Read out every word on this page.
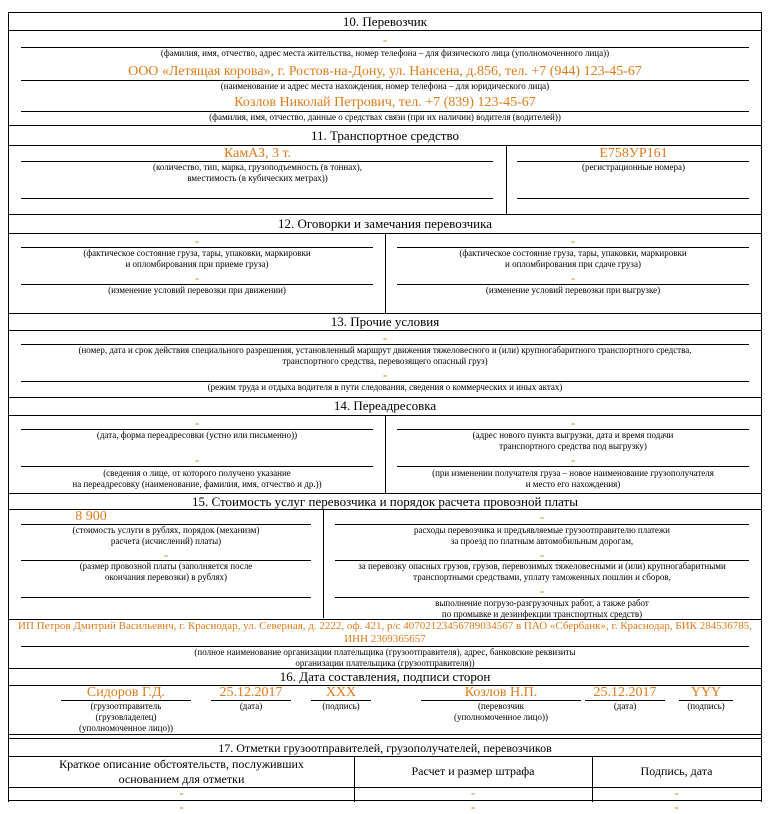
10. Перевозчик
-
(фамилия, имя, отчество, адрес места жительства, номер телефона – для физического лица (уполномоченного лица))
ООО «Летящая корова», г. Ростов-на-Дону, ул. Нансена, д.856, тел. +7 (944) 123-45-67
(наименование и адрес места нахождения, номер телефона – для юридического лица)
Козлов Николай Петрович, тел. +7 (839) 123-45-67
(фамилия, имя, отчество, данные о средствах связи (при их наличии) водителя (водителей))
11. Транспортное средство
КамАЗ, 3 т.
(количество, тип, марка, грузоподъемность (в тоннах),
вместимость (в кубических метрах))
Е758УР161
(регистрационные номера)
12. Оговорки и замечания перевозчика
-
(фактическое состояние груза, тары, упаковки, маркировки
и опломбирования при приеме груза)
-
(изменение условий перевозки при движении)
-
(фактическое состояние груза, тары, упаковки, маркировки
и опломбирования при сдаче груза)
-
(изменение условий перевозки при выгрузке)
13. Прочие условия
-
(номер, дата и срок действия специального разрешения, установленный маршрут движения тяжеловесного и (или) крупногабаритного транспортного средства,
транспортного средства, перевозящего опасный груз)
-
(режим труда и отдыха водителя в пути следования, сведения о коммерческих и иных актах)
14. Переадресовка
-
(дата, форма переадресовки (устно или письменно))
-
(сведения о лице, от которого получено указание
на переадресовку (наименование, фамилия, имя, отчество и др.))
-
(адрес нового пункта выгрузки, дата и время подачи
транспортного средства под выгрузку)
-
(при изменении получателя груза – новое наименование грузополучателя
и место его нахождения)
15. Стоимость услуг перевозчика и порядок расчета провозной платы
8 900
(стоимость услуги в рублях, порядок (механизм)
расчета (исчислений) платы)
-
(размер провозной платы (заполняется после
окончания перевозки) в рублях)
-
расходы перевозчика и предъявляемые грузоотправителю платежи
за проезд по платным автомобильным дорогам,
-
за перевозку опасных грузов, грузов, перевозимых тяжеловесными и (или) крупногабаритными
транспортными средствами, уплату таможенных пошлин и сборов,
-
выполнение погрузо-разгрузочных работ, а также работ
по промывке и дезинфекции транспортных средств)
ИП Петров Дмитрий Васильевич, г. Краснодар, ул. Северная, д. 2222, оф. 421, р/с 40702123456789034567 в ПАО «Сбербанк», г. Краснодар, БИК 284536785,
ИНН 2369365657
(полное наименование организации плательщика (грузоотправителя), адрес, банковские реквизиты
организации плательщика (грузоотправителя))
16. Дата составления, подписи сторон
Сидоров Г.Д.
(грузоотправитель
(грузовладелец)
(уполномоченное лицо))
25.12.2017
(дата)
ХХХ
(подпись)
Козлов Н.П.
(перевозчик
(уполномоченное лицо))
25.12.2017
(дата)
YYY
(подпись)
17. Отметки грузоотправителей, грузополучателей, перевозчиков
Краткое описание обстоятельств, послуживших
основанием для отметки
Расчет и размер штрафа	Подпись, дата
-	-	-
-	-	-
